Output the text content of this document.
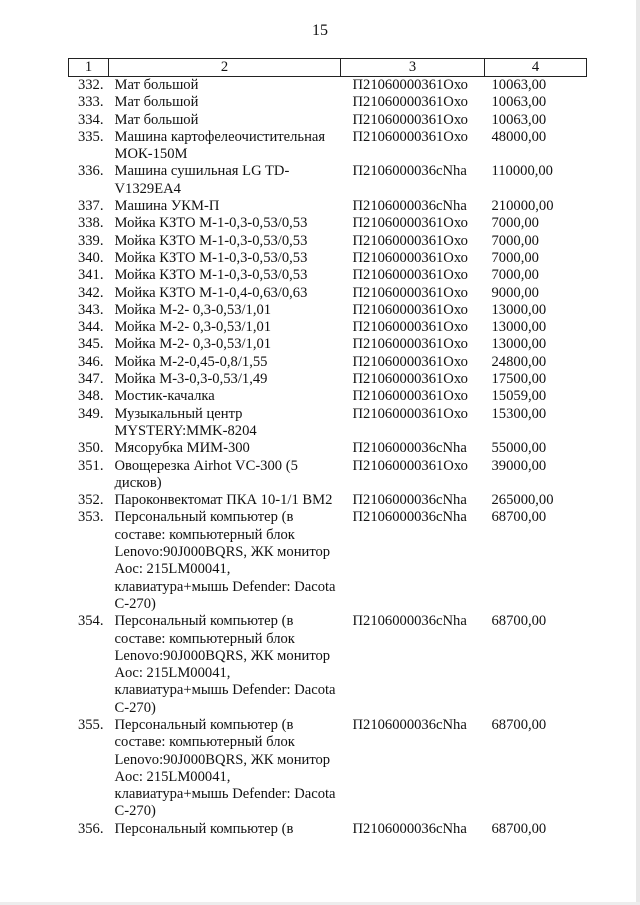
15
1	2	3	4
332.	Мат большой	П21060000361Охо	10063,00
333.	Мат большой	П21060000361Охо	10063,00
334.	Мат большой	П21060000361Охо	10063,00
335.	Машина картофелеочистительная МОК-150М	П21060000361Охо	48000,00
336.	Машина сушильная LG TD-V1329EA4	П2106000036сNha	110000,00
337.	Машина УКМ-П	П2106000036сNha	210000,00
338.	Мойка КЗТО М-1-0,3-0,53/0,53	П21060000361Охо	7000,00
339.	Мойка КЗТО М-1-0,3-0,53/0,53	П21060000361Охо	7000,00
340.	Мойка КЗТО М-1-0,3-0,53/0,53	П21060000361Охо	7000,00
341.	Мойка КЗТО М-1-0,3-0,53/0,53	П21060000361Охо	7000,00
342.	Мойка КЗТО М-1-0,4-0,63/0,63	П21060000361Охо	9000,00
343.	Мойка М-2- 0,3-0,53/1,01	П21060000361Охо	13000,00
344.	Мойка М-2- 0,3-0,53/1,01	П21060000361Охо	13000,00
345.	Мойка М-2- 0,3-0,53/1,01	П21060000361Охо	13000,00
346.	Мойка М-2-0,45-0,8/1,55	П21060000361Охо	24800,00
347.	Мойка М-3-0,3-0,53/1,49	П21060000361Охо	17500,00
348.	Мостик-качалка	П21060000361Охо	15059,00
349.	Музыкальный центр MYSTERY:MMK-8204	П21060000361Охо	15300,00
350.	Мясорубка МИМ-300	П2106000036сNha	55000,00
351.	Овощерезка Airhot VC-300 (5 дисков)	П21060000361Охо	39000,00
352.	Пароконвектомат ПКА 10-1/1 ВМ2	П2106000036сNha	265000,00
353.	Персональный компьютер (в составе: компьютерный блок Lenovo:90J000BQRS, ЖК монитор Aoc: 215LM00041, клавиатура+мышь Defender: Dacota C-270)	П2106000036сNha	68700,00
354.	Персональный компьютер (в составе: компьютерный блок Lenovo:90J000BQRS, ЖК монитор Aoc: 215LM00041, клавиатура+мышь Defender: Dacota C-270)	П2106000036сNha	68700,00
355.	Персональный компьютер (в составе: компьютерный блок Lenovo:90J000BQRS, ЖК монитор Aoc: 215LM00041, клавиатура+мышь Defender: Dacota C-270)	П2106000036сNha	68700,00
356.	Персональный компьютер (в	П2106000036сNha	68700,00
